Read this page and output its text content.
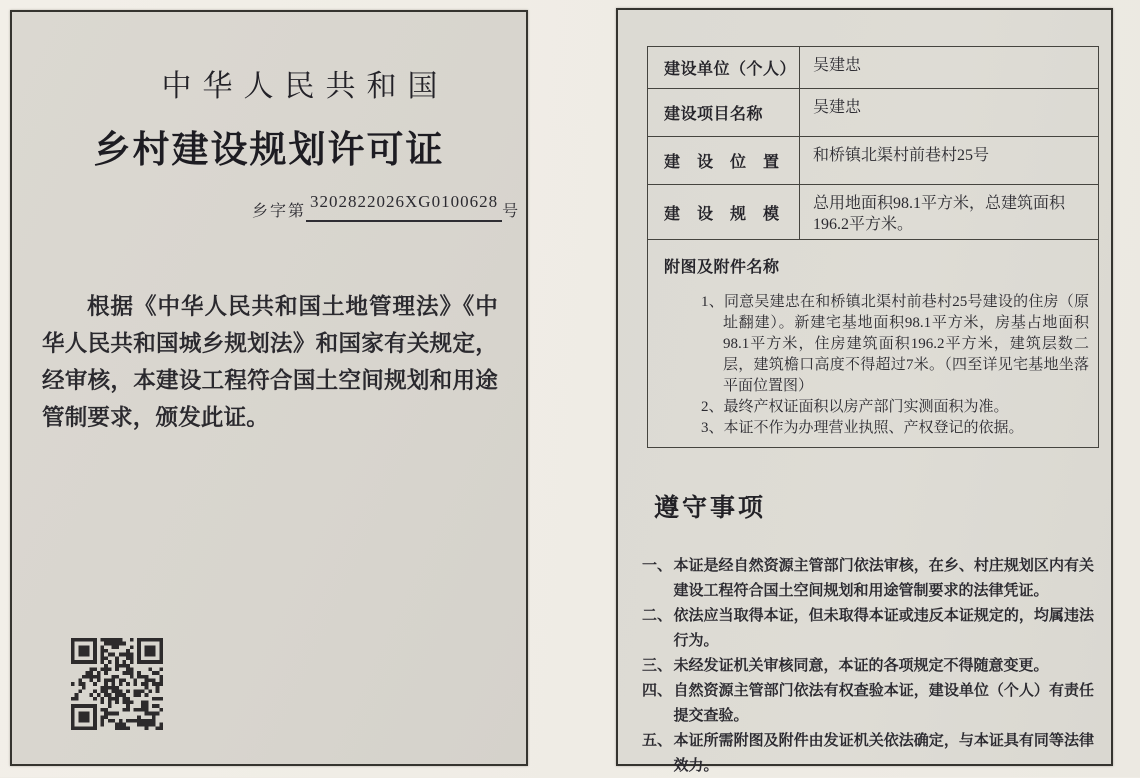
中华人民共和国
乡村建设规划许可证
乡字第
3202822026XG0100628
号

根据《中华人民共和国土地管理法》《中华人民共和国城乡规划法》和国家有关规定，经审核，本建设工程符合国土空间规划和用途管制要求，颁发此证。

建设单位（个人）	吴建忠
建设项目名称	吴建忠
建　设　位　置	和桥镇北渠村前巷村25号
建　设　规　模	总用地面积98.1平方米，总建筑面积196.2平方米。

附图及附件名称
1、同意吴建忠在和桥镇北渠村前巷村25号建设的住房（原址翻建）。新建宅基地面积98.1平方米，房基占地面积98.1平方米，住房建筑面积196.2平方米，建筑层数二层，建筑檐口高度不得超过7米。（四至详见宅基地坐落平面位置图）
2、最终产权证面积以房产部门实测面积为准。
3、本证不作为办理营业执照、产权登记的依据。	
遵守事项
一、 本证是经自然资源主管部门依法审核，在乡、村庄规划区内有关建设工程符合国土空间规划和用途管制要求的法律凭证。
二、 依法应当取得本证，但未取得本证或违反本证规定的，均属违法行为。
三、 未经发证机关审核同意，本证的各项规定不得随意变更。
四、 自然资源主管部门依法有权查验本证，建设单位（个人）有责任提交查验。
五、 本证所需附图及附件由发证机关依法确定，与本证具有同等法律效力。
